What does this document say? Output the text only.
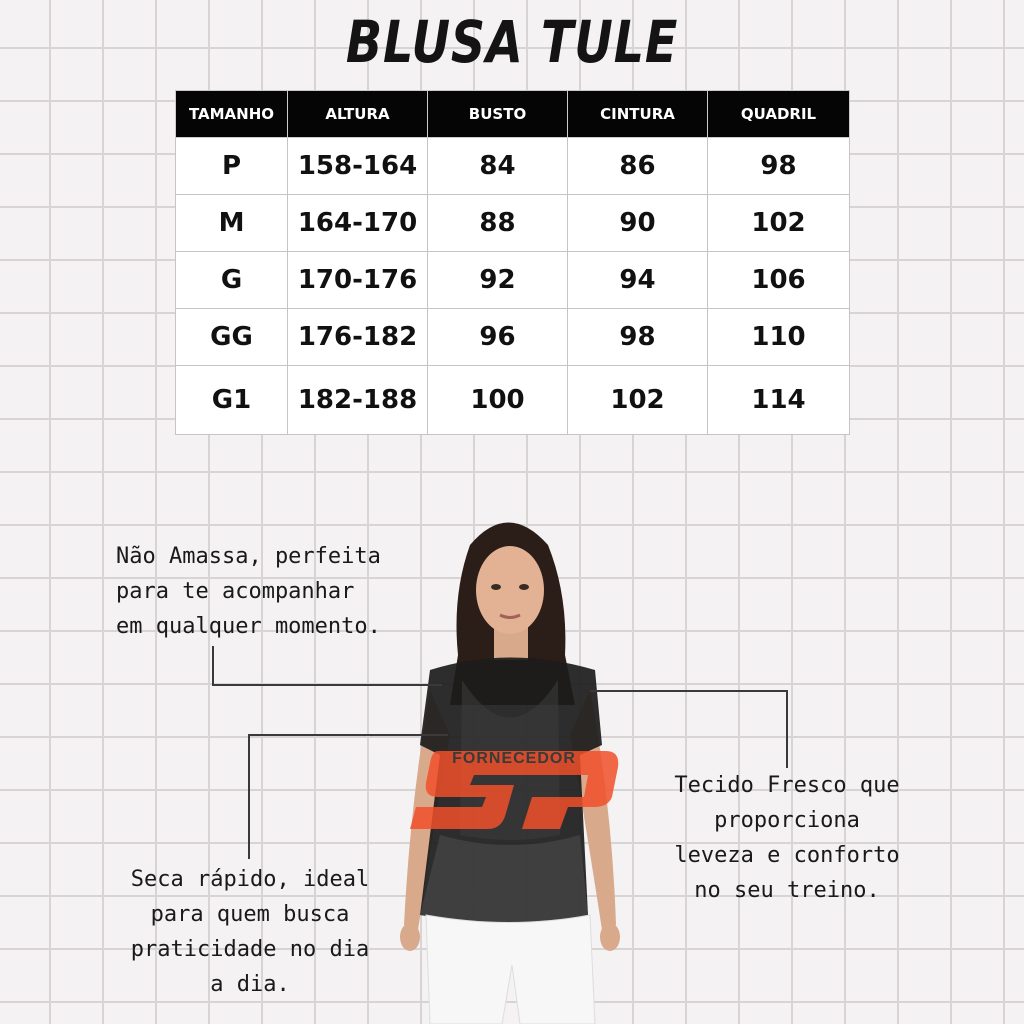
BLUSA TULE
TAMANHO	ALTURA	BUSTO	CINTURA	QUADRIL
P	158-164	84	86	98
M	164-170	88	90	102
G	170-176	92	94	106
GG	176-182	96	98	110
G1	182-188	100	102	114
FORNECEDOR
Não Amassa, perfeita
para te acompanhar
em qualquer momento.
Seca rápido, ideal
para quem busca
praticidade no dia
a dia.
Tecido Fresco que
proporciona
leveza e conforto
no seu treino.
